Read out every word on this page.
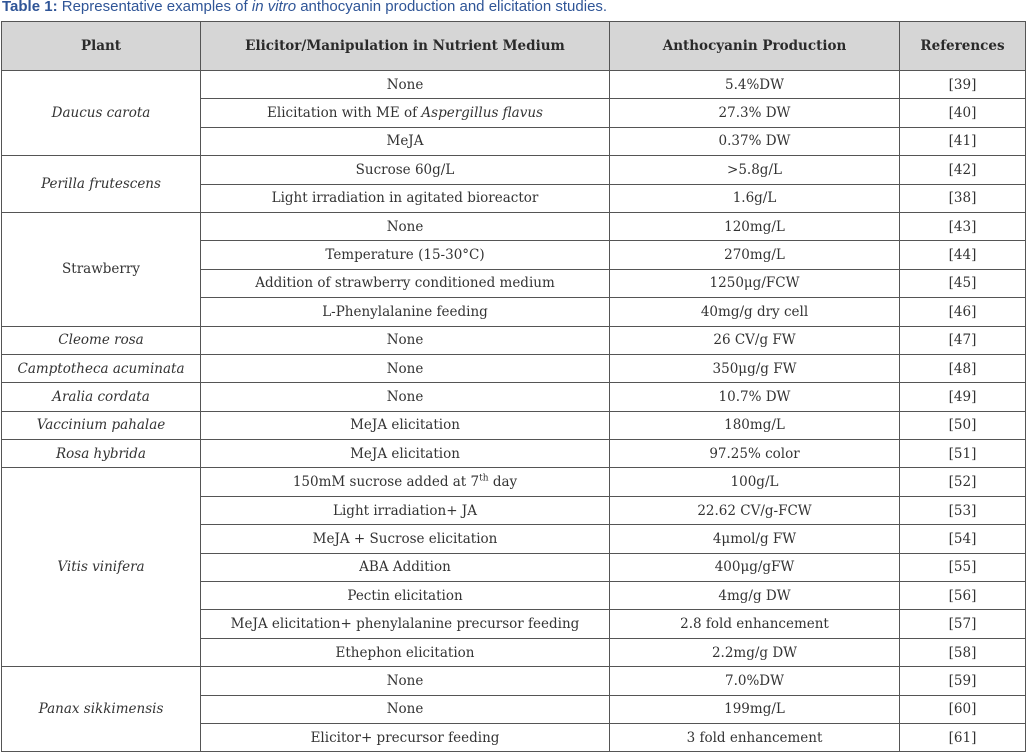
Table 1: Representative examples of in vitro anthocyanin production and elicitation studies.
Plant	Elicitor/Manipulation in Nutrient Medium	Anthocyanin Production	References
Daucus carota	None	5.4%DW	[39]
	Elicitation with ME of Aspergillus flavus	27.3% DW	[40]
	MeJA	0.37% DW	[41]
Perilla frutescens	Sucrose 60g/L	>5.8g/L	[42]
	Light irradiation in agitated bioreactor	1.6g/L	[38]
Strawberry	None	120mg/L	[43]
	Temperature (15-30°C)	270mg/L	[44]
	Addition of strawberry conditioned medium	1250μg/FCW	[45]
	L-Phenylalanine feeding	40mg/g dry cell	[46]
Cleome rosa	None	26 CV/g FW	[47]
Camptotheca acuminata	None	350μg/g FW	[48]
Aralia cordata	None	10.7% DW	[49]
Vaccinium pahalae	MeJA elicitation	180mg/L	[50]
Rosa hybrida	MeJA elicitation	97.25% color	[51]
Vitis vinifera	150mM sucrose added at 7th day	100g/L	[52]
	Light irradiation+ JA	22.62 CV/g-FCW	[53]
	MeJA + Sucrose elicitation	4μmol/g FW	[54]
	ABA Addition	400μg/gFW	[55]
	Pectin elicitation	4mg/g DW	[56]
	MeJA elicitation+ phenylalanine precursor feeding	2.8 fold enhancement	[57]
	Ethephon elicitation	2.2mg/g DW	[58]
Panax sikkimensis	None	7.0%DW	[59]
	None	199mg/L	[60]
	Elicitor+ precursor feeding	3 fold enhancement	[61]
